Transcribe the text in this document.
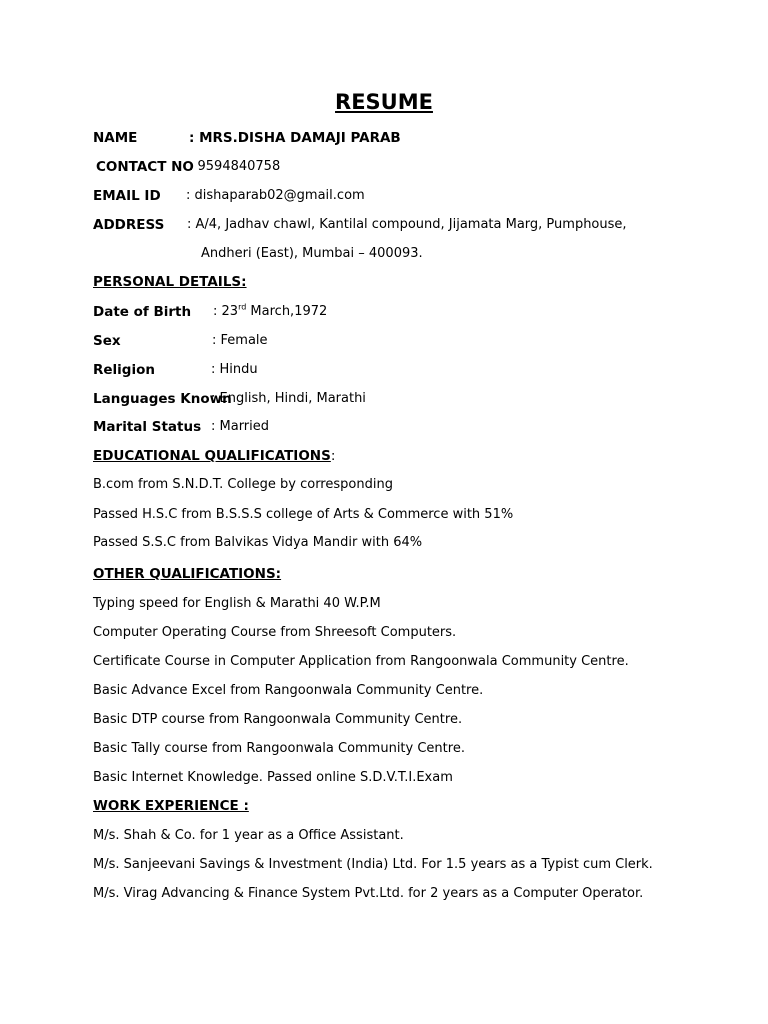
RESUME
NAME	: MRS.DISHA DAMAJI PARAB
CONTACT NO
: 9594840758
EMAIL ID : dishaparab02@gmail.com
ADDRESS : A/4, Jadhav chawl, Kantilal compound, Jijamata Marg, Pumphouse,
Andheri (East), Mumbai – 400093.
PERSONAL DETAILS:
Date of Birth : 23rd March,1972
Sex	: Female
Religion	: Hindu
Languages Known
: English, Hindi, Marathi
Marital Status : Married
EDUCATIONAL QUALIFICATIONS:
B.com from S.N.D.T. College by corresponding
Passed H.S.C from B.S.S.S college of Arts & Commerce with 51%
Passed S.S.C from Balvikas Vidya Mandir with 64%
OTHER QUALIFICATIONS:
Typing speed for English & Marathi 40 W.P.M
Computer Operating Course from Shreesoft Computers.
Certificate Course in Computer Application from Rangoonwala Community Centre.
Basic Advance Excel from Rangoonwala Community Centre.
Basic DTP course from Rangoonwala Community Centre.
Basic Tally course from Rangoonwala Community Centre.
Basic Internet Knowledge. Passed online S.D.V.T.I.Exam
WORK EXPERIENCE :
M/s. Shah & Co. for 1 year as a Office Assistant.
M/s. Sanjeevani Savings & Investment (India) Ltd. For 1.5 years as a Typist cum Clerk.
M/s. Virag Advancing & Finance System Pvt.Ltd. for 2 years as a Computer Operator.
